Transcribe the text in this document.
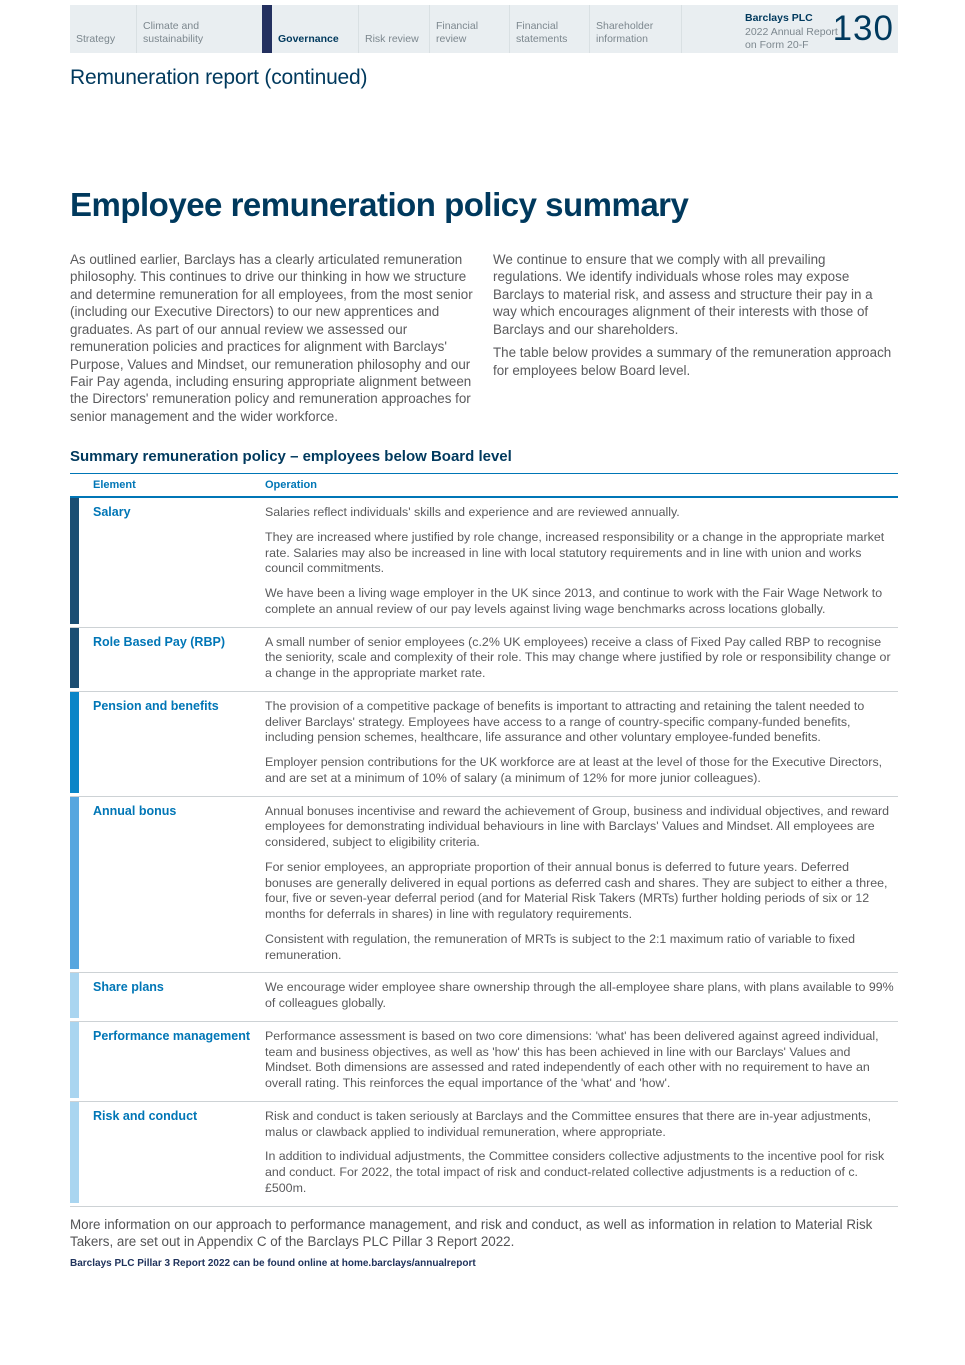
Strategy
Climate and sustainability	Governance	Risk review
Financial review
Financial statements
Shareholder information
Barclays PLC
2022 Annual Report
on Form 20-F 130
Remuneration report (continued)
Employee remuneration policy summary

As outlined earlier, Barclays has a clearly articulated remuneration philosophy. This continues to drive our thinking in how we structure and determine remuneration for all employees, from the most senior (including our Executive Directors) to our new apprentices and graduates. As part of our annual review we assessed our remuneration policies and practices for alignment with Barclays' Purpose, Values and Mindset, our remuneration philosophy and our Fair Pay agenda, including ensuring appropriate alignment between the Directors' remuneration policy and remuneration approaches for senior management and the wider workforce.

We continue to ensure that we comply with all prevailing regulations. We identify individuals whose roles may expose Barclays to material risk, and assess and structure their pay in a way which encourages alignment of their interests with those of Barclays and our shareholders.

The table below provides a summary of the remuneration approach for employees below Board level.

Summary remuneration policy – employees below Board level
Element	Operation
Salary	Salaries reflect individuals' skills and experience and are reviewed annually.

They are increased where justified by role change, increased responsibility or a change in the appropriate market rate. Salaries may also be increased in line with local statutory requirements and in line with union and works council commitments.

We have been a living wage employer in the UK since 2013, and continue to work with the Fair Wage Network to complete an annual review of our pay levels against living wage benchmarks across locations globally.

Role Based Pay (RBP)	A small number of senior employees (c.2% UK employees) receive a class of Fixed Pay called RBP to recognise the seniority, scale and complexity of their role. This may change where justified by role or responsibility change or a change in the appropriate market rate.

Pension and benefits	The provision of a competitive package of benefits is important to attracting and retaining the talent needed to deliver Barclays' strategy. Employees have access to a range of country-specific company-funded benefits, including pension schemes, healthcare, life assurance and other voluntary employee-funded benefits.

Employer pension contributions for the UK workforce are at least at the level of those for the Executive Directors, and are set at a minimum of 10% of salary (a minimum of 12% for more junior colleagues).

Annual bonus	Annual bonuses incentivise and reward the achievement of Group, business and individual objectives, and reward employees for demonstrating individual behaviours in line with Barclays' Values and Mindset. All employees are considered, subject to eligibility criteria.

For senior employees, an appropriate proportion of their annual bonus is deferred to future years. Deferred bonuses are generally delivered in equal portions as deferred cash and shares. They are subject to either a three, four, five or seven-year deferral period (and for Material Risk Takers (MRTs) further holding periods of six or 12 months for deferrals in shares) in line with regulatory requirements.

Consistent with regulation, the remuneration of MRTs is subject to the 2:1 maximum ratio of variable to fixed remuneration.

Share plans	We encourage wider employee share ownership through the all-employee share plans, with plans available to 99% of colleagues globally.

Performance management	Performance assessment is based on two core dimensions: 'what' has been delivered against agreed individual, team and business objectives, as well as 'how' this has been achieved in line with our Barclays' Values and Mindset. Both dimensions are assessed and rated independently of each other with no requirement to have an overall rating. This reinforces the equal importance of the 'what' and 'how'.

Risk and conduct	Risk and conduct is taken seriously at Barclays and the Committee ensures that there are in-year adjustments, malus or clawback applied to individual remuneration, where appropriate.

In addition to individual adjustments, the Committee considers collective adjustments to the incentive pool for risk and conduct. For 2022, the total impact of risk and conduct-related collective adjustments is a reduction of c. £500m.

More information on our approach to performance management, and risk and conduct, as well as information in relation to Material Risk Takers, are set out in Appendix C of the Barclays PLC Pillar 3 Report 2022.

Barclays PLC Pillar 3 Report 2022 can be found online at home.barclays/annualreport
